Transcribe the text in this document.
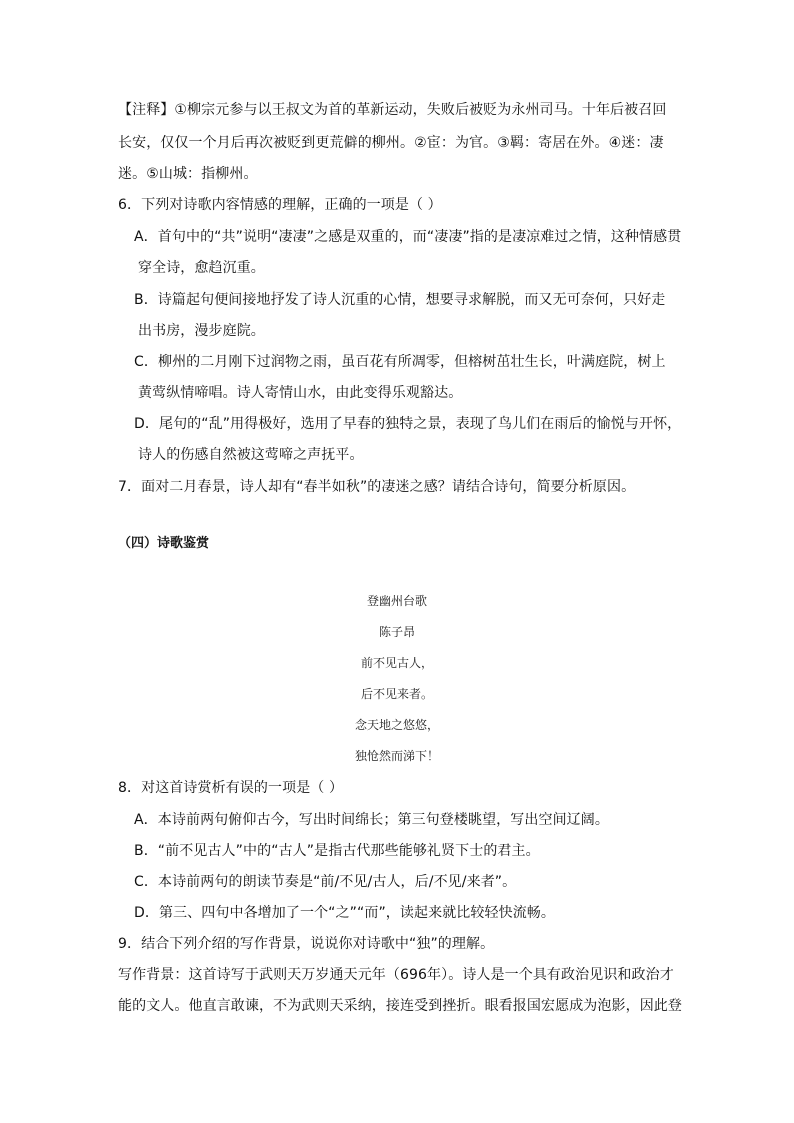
【注释】①柳宗元参与以王叔文为首的革新运动，失败后被贬为永州司马。十年后被召回
长安，仅仅一个月后再次被贬到更荒僻的柳州。②宦：为官。③羁：寄居在外。④迷：凄
迷。⑤山城：指柳州。
6．下列对诗歌内容情感的理解，正确的一项是（ ）
A．首句中的“共”说明“凄凄”之感是双重的，而“凄凄”指的是凄凉难过之情，这种情感贯
穿全诗，愈趋沉重。
B．诗篇起句便间接地抒发了诗人沉重的心情，想要寻求解脱，而又无可奈何，只好走
出书房，漫步庭院。
C．柳州的二月刚下过润物之雨，虽百花有所凋零，但榕树茁壮生长，叶满庭院，树上
黄莺纵情啼唱。诗人寄情山水，由此变得乐观豁达。
D．尾句的“乱”用得极好，选用了早春的独特之景，表现了鸟儿们在雨后的愉悦与开怀，
诗人的伤感自然被这莺啼之声抚平。
7．面对二月春景，诗人却有“春半如秋”的凄迷之感？请结合诗句，简要分析原因。
（四）诗歌鉴赏
登幽州台歌
陈子昂
前不见古人，
后不见来者。
念天地之悠悠，
独怆然而涕下！
8．对这首诗赏析有误的一项是（ ）
A．本诗前两句俯仰古今，写出时间绵长；第三句登楼眺望，写出空间辽阔。
B．“前不见古人”中的“古人”是指古代那些能够礼贤下士的君主。
C．本诗前两句的朗读节奏是“前/不见/古人，后/不见/来者”。
D．第三、四句中各增加了一个“之”“而”，读起来就比较轻快流畅。
9．结合下列介绍的写作背景，说说你对诗歌中“独”的理解。
写作背景：这首诗写于武则天万岁通天元年（696年）。诗人是一个具有政治见识和政治才
能的文人。他直言敢谏，不为武则天采纳，接连受到挫折。眼看报国宏愿成为泡影，因此登
